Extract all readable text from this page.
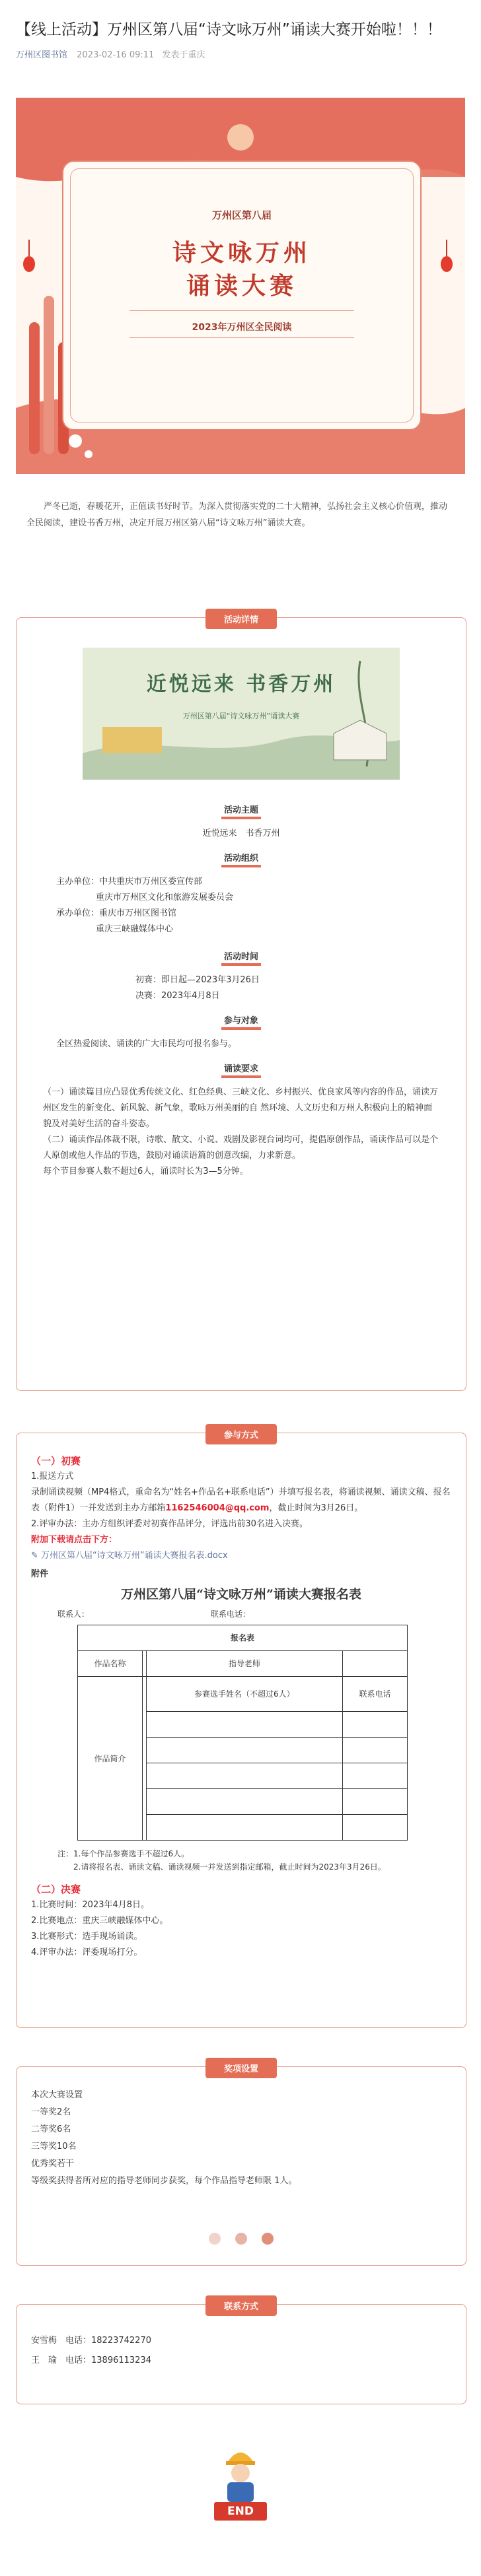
【线上活动】万州区第八届“诗文咏万州”诵读大赛开始啦！！！
万州区图书馆 2023-02-16 09:11 发表于重庆
万州区第八届
诗文咏万州
诵读大赛
2023年万州区全民阅读
严冬已逝，春暖花开，正值读书好时节。为深入贯彻落实党的二十大精神，弘扬社会主义核心价值观，推动全民阅读，建设书香万州，决定开展万州区第八届“诗文咏万州”诵读大赛。
活动详情
近悦远来 书香万州
万州区第八届“诗文咏万州”诵读大赛
活动主题
近悦远来　书香万州
活动组织
主办单位：中共重庆市万州区委宣传部
重庆市万州区文化和旅游发展委员会
承办单位：重庆市万州区图书馆
重庆三峡融媒体中心
活动时间
初赛：即日起—2023年3月26日
决赛：2023年4月8日
参与对象
全区热爱阅读、诵读的广大市民均可报名参与。
诵读要求
（一）诵读篇目应凸显优秀传统文化、红色经典、三峡文化、乡村振兴、优良家风等内容的作品，诵读万州区发生的新变化、新风貌、新气象，歌咏万州美丽的自 然环境、人文历史和万州人积极向上的精神面貌及对美好生活的奋斗姿态。
（二）诵读作品体裁不限，诗歌、散文、小说、戏剧及影视台词均可，提倡原创作品，诵读作品可以是个人原创或他人作品的节选，鼓励对诵读语篇的创意改编，力求新意。
每个节目参赛人数不超过6人，诵读时长为3—5分钟。
参与方式
（一）初赛
1.报送方式
录制诵读视频（MP4格式，重命名为“姓名+作品名+联系电话”）并填写报名表，将诵读视频、诵读文稿、报名表（附件1）一并发送到主办方邮箱1162546004@qq.com，截止时间为3月26日。
2.评审办法：主办方组织评委对初赛作品评分，评选出前30名进入决赛。
附加下载请点击下方：
✎ 万州区第八届“诗文咏万州”诵读大赛报名表.docx
附件
万州区第八届“诗文咏万州”诵读大赛报名表
联系人：	联系电话：
报名表			
作品名称		指导老师	
作品简介		参赛选手姓名（不超过6人）	联系电话

注：1.每个作品参赛选手不超过6人。
2.请将报名表、诵读文稿、诵读视频一并发送到指定邮箱，截止时间为2023年3月26日。
（二）决赛
1.比赛时间：2023年4月8日。
2.比赛地点：重庆三峡融媒体中心。
3.比赛形式：选手现场诵读。
4.评审办法：评委现场打分。
奖项设置
本次大赛设置
一等奖2名
二等奖6名
三等奖10名
优秀奖若干
等级奖获得者所对应的指导老师同步获奖，每个作品指导老师限 1人。
联系方式
安雪梅　电话：18223742270
王　瑜　电话：13896113234
END
